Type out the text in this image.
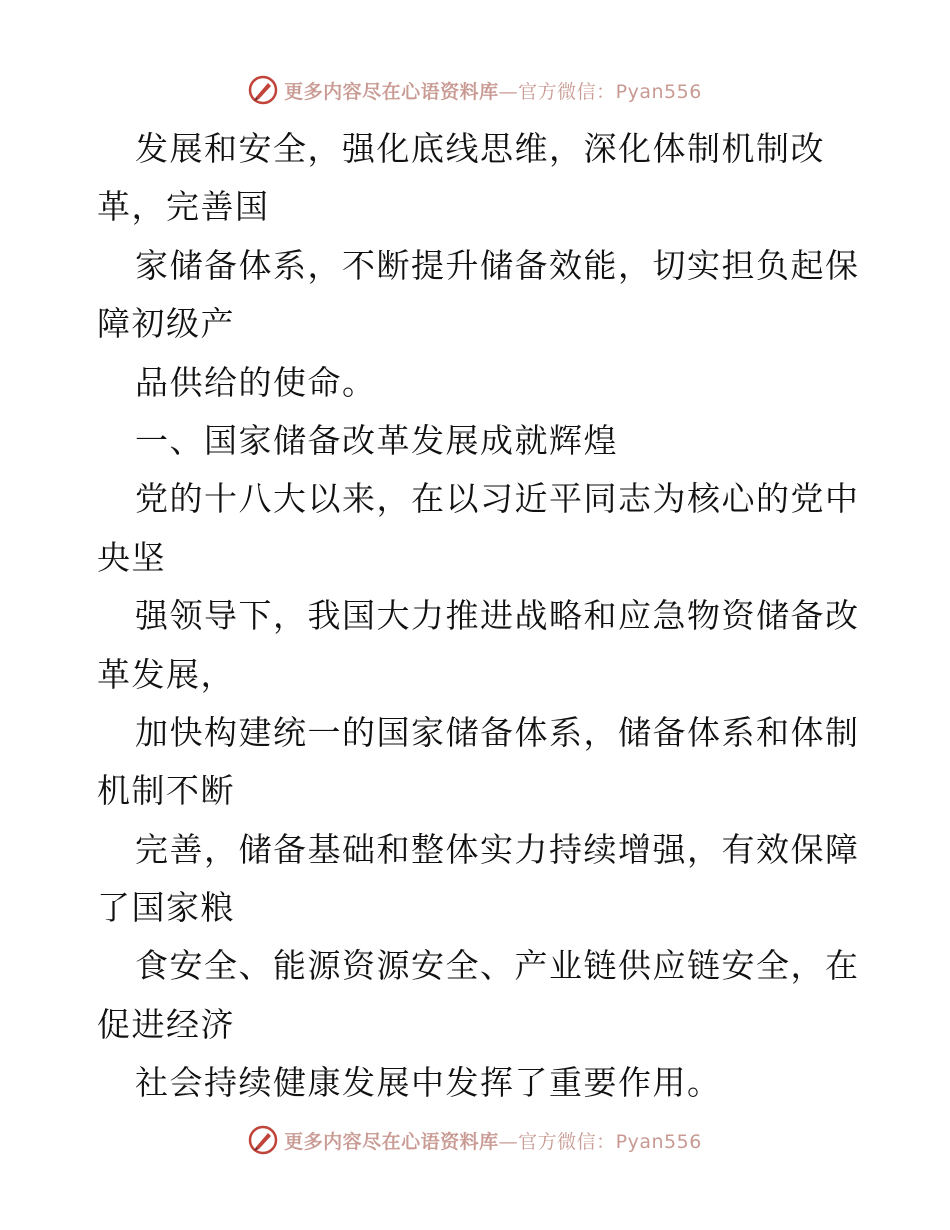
更多内容尽在心语资料库—官方微信：Pyan556
发展和安全，强化底线思维，深化体制机制改
革，完善国
家储备体系，不断提升储备效能，切实担负起保
障初级产
品供给的使命。
一、国家储备改革发展成就辉煌
党的十八大以来，在以习近平同志为核心的党中
央坚
强领导下，我国大力推进战略和应急物资储备改
革发展，
加快构建统一的国家储备体系，储备体系和体制
机制不断
完善，储备基础和整体实力持续增强，有效保障
了国家粮
食安全、能源资源安全、产业链供应链安全，在
促进经济
社会持续健康发展中发挥了重要作用。
更多内容尽在心语资料库—官方微信：Pyan556
